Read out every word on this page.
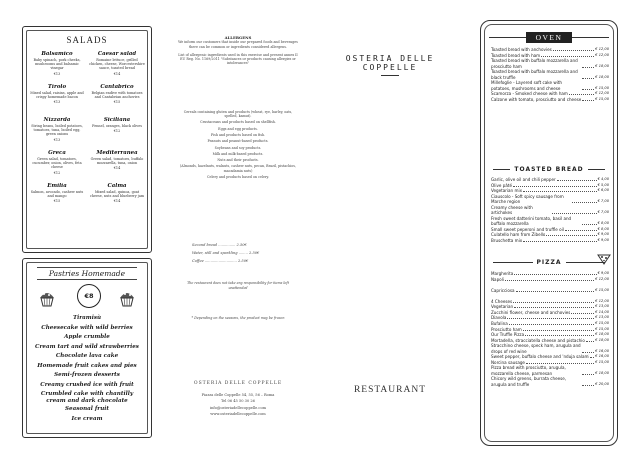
SALADS
Balsamico
Baby spinach, pork cheeks, mushrooms and balsamic vinegar
€13
Caesar salad
Romaine lettuce, grilled chicken, cheese, Worcestershire sauce, toasted bread
€14
Tirolo
Mixed salad, raisins, apple and crispy homemade bacon
€13
Cantabrico
Belgian endive with tomatoes and Cantabrian anchovies
€15
Nizzarda
String beans, boiled potatoes, tomatoes, tuna, boiled egg, green onions
€13
Siciliana
Fennel, oranges, black olives
€12
Greca
Green salad, tomatoes, cucumber, onion, olives, feta cheese
€12
Mediterranea
Green salad, tomatoes, buffalo mozzarella, tuna, onion
€14
Emilia
Salmon, avocado, cashew nuts and mango
€15
Calma
Mixed salad, quinoa, goat cheese, nuts and blueberry jam
€14
Pastries Homemade
€8
Tiramisù
Cheesecake with wild berries
Apple crumble
Cream tart and wild strawberries
Chocolate lava cake
Homemade fruit cakes and pies
Semi-frozen desserts
Creamy crushed ice with fruit
Crumbled cake with chantilly cream and dark chocolate
Seasonal fruit
Ice cream
ALLERGENS
We inform our customers that inside our prepared foods and beverages there can be common or ingredients considered allergens.
List of allergenic ingredients used in this exercise and present annex II EU Reg. No. 1169/2011 "Substances or products causing allergies or intolerances"
Cereals containing gluten and products (wheat, rye, barley, oats, spelled, kamut).
Crustaceans and products based on shellfish.
Eggs and egg products.
Fish and products based on fish.
Peanuts and peanut-based products.
Soybeans and soy products.
Milk and milk-based products.
Nuts and their products.
(Almonds, hazelnuts, walnuts, cashew nuts, pecan, Brazil, pistachios, macadamia nuts)
Celery and products based on celery.
Second bread ............... 2.50€
Water, still and sparkling ........ 2.50€
Coffee ............................ 2.50€
The restaurant does not take any responsibility for items left unattended
* Depending on the seasons, the product may be frozen
OSTERIA DELLE COPPELLE
Piazza delle Coppelle 54, 55, 56 – Roma
Tel 06 45 50 30 26
info@osteriadellecoppelle.com
www.osteriadellecoppelle.com
OSTERIA DELLE COPPELLE
RESTAURANT
OVEN
Toasted bread with anchovies	€ 12,00
Toasted bread with ham	€ 12,00
Toasted bread with buffalo mozzarella and prosciutto ham	€ 18,00
Toasted bread with buffalo mozzarella and black truffle	€ 18,00
Millefoglie - Layered soft cake with potatoes, mushrooms and cheese	€ 15,00
Scamorza - Smoked cheese with ham	€ 12,00
Calzone with tomato, prosciutto and cheese	€ 15,00
TOASTED BREAD
Garlic, olive oil and chili pepper	€ 4,00
Olive pâté	€ 5,00
Vegetarian mix	€ 6,00
Ciauscolo - Soft spicy sausage from Marche region	€ 7,00
Creamy cheese with artichokes	€ 7,00
Fresh sweet datterini tomato, basil and buffalo mozzarella	€ 8,00
Small sweet peperoni and truffle oil	€ 8,00
Culatello ham from Zibello	€ 9,00
Bruschetta mix	€ 9,00
PIZZA
Margherita	€ 9,00
Napoli	€ 12,00
Capricciosa	€ 15,00
4 Cheeses	€ 12,00
Vegetarian	€ 13,00
Zucchini flower, cheese and anchovies	€ 14,00
Diavola	€ 13,00
Bufalina	€ 15,00
Prosciutto ham	€ 15,00
Our Truffle Pizza	€ 18,00
Mortadella, stracciatella cheese and pistachio	€ 18,00
Stracchino cheese, speck ham, arugula and drops of red wine	€ 16,00
Sweet pepper, buffalo cheese and 'nduja salami € 16,00
Norcina sausage	€ 15,00
Pizza bread with prosciutto, arugula, mozzarella cheese, parmesan	€ 18,00
Chicory wild greens, burrata cheese, arugula and truffle	€ 20,00
